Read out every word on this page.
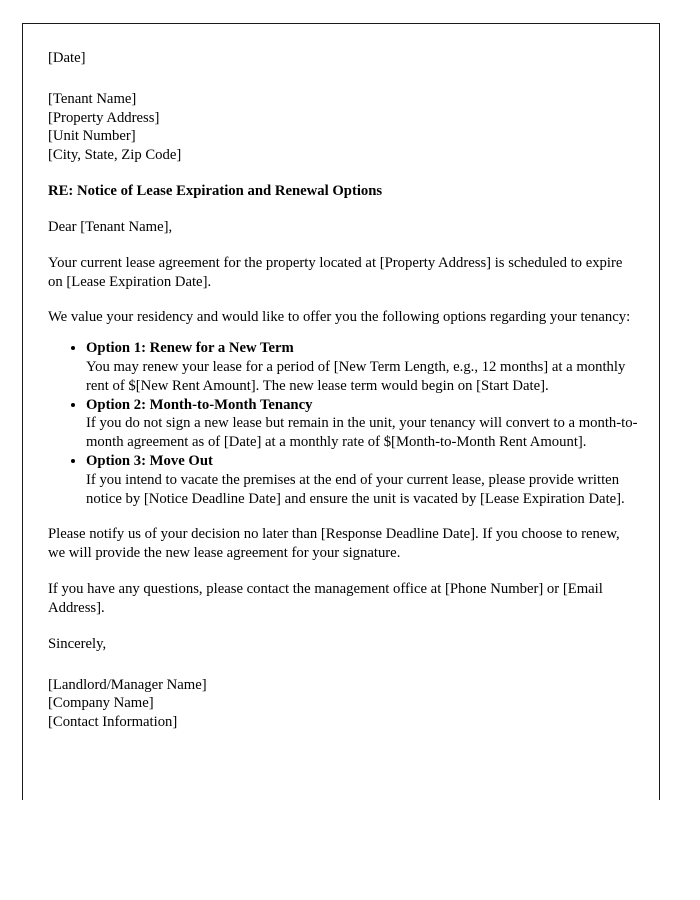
[Date]
[Tenant Name]
[Property Address]
[Unit Number]
[City, State, Zip Code]
RE: Notice of Lease Expiration and Renewal Options
Dear [Tenant Name],
Your current lease agreement for the property located at [Property Address] is scheduled to expire on [Lease Expiration Date].
We value your residency and would like to offer you the following options regarding your tenancy:
• Option 1: Renew for a New Term
You may renew your lease for a period of [New Term Length, e.g., 12 months] at a monthly rent of $[New Rent Amount]. The new lease term would begin on [Start Date].
• Option 2: Month-to-Month Tenancy
If you do not sign a new lease but remain in the unit, your tenancy will convert to a month-to-month agreement as of [Date] at a monthly rate of $[Month-to-Month Rent Amount].
• Option 3: Move Out
If you intend to vacate the premises at the end of your current lease, please provide written notice by [Notice Deadline Date] and ensure the unit is vacated by [Lease Expiration Date].
Please notify us of your decision no later than [Response Deadline Date]. If you choose to renew, we will provide the new lease agreement for your signature.
If you have any questions, please contact the management office at [Phone Number] or [Email Address].
Sincerely,
[Landlord/Manager Name]
[Company Name]
[Contact Information]
